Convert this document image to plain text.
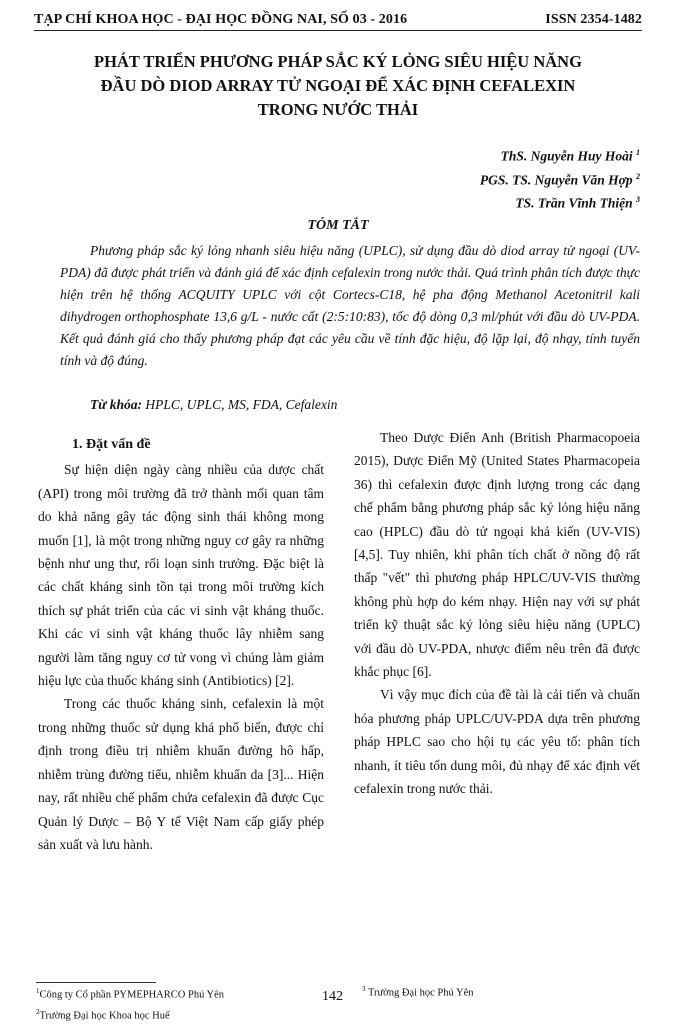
TẠP CHÍ KHOA HỌC - ĐẠI HỌC ĐỒNG NAI, SỐ 03 - 2016	ISSN 2354-1482
PHÁT TRIỂN PHƯƠNG PHÁP SẮC KÝ LỎNG SIÊU HIỆU NĂNG
ĐẦU DÒ DIOD ARRAY TỬ NGOẠI ĐỂ XÁC ĐỊNH CEFALEXIN
TRONG NƯỚC THẢI
ThS. Nguyễn Huy Hoài $^1$
PGS. TS. Nguyễn Văn Hợp $^2$
TS. Trần Vĩnh Thiện $^3$
TÓM TẮT
Phương pháp sắc ký lỏng nhanh siêu hiệu năng (UPLC), sử dụng đầu dò diod array tử ngoại (UV-PDA) đã được phát triển và đánh giá để xác định cefalexin trong nước thải. Quá trình phân tích được thực hiện trên hệ thống ACQUITY UPLC với cột Cortecs-C18, hệ pha động Methanol Acetonitril kali dihydrogen orthophosphate 13,6 g/L - nước cất (2:5:10:83), tốc độ dòng 0,3 ml/phút với đầu dò UV-PDA. Kết quả đánh giá cho thấy phương pháp đạt các yêu cầu về tính đặc hiệu, độ lặp lại, độ nhạy, tính tuyến tính và độ đúng.
Từ khóa: HPLC, UPLC, MS, FDA, Cefalexin
1. Đặt vấn đề

Sự hiện diện ngày càng nhiều của dược chất (API) trong môi trường đã trở thành mối quan tâm do khả năng gây tác động sinh thái không mong muốn [1], là một trong những nguy cơ gây ra những bệnh như ung thư, rối loạn sinh trưởng. Đặc biệt là các chất kháng sinh tồn tại trong môi trường kích thích sự phát triển của các vi sinh vật kháng thuốc. Khi các vi sinh vật kháng thuốc lây nhiễm sang người làm tăng nguy cơ tử vong vì chúng làm giảm hiệu lực của thuốc kháng sinh (Antibiotics) [2].

Trong các thuốc kháng sinh, cefalexin là một trong những thuốc sử dụng khá phổ biến, được chỉ định trong điều trị nhiễm khuẩn đường hô hấp, nhiễm trùng đường tiểu, nhiễm khuẩn da [3]... Hiện nay, rất nhiều chế phẩm chứa cefalexin đã được Cục Quản lý Dược – Bộ Y tế Việt Nam cấp giấy phép sản xuất và lưu hành.

Theo Dược Điển Anh (British Pharmacopoeia 2015), Dược Điển Mỹ (United States Pharmacopeia 36) thì cefalexin được định lượng trong các dạng chế phẩm bằng phương pháp sắc ký lỏng hiệu năng cao (HPLC) đầu dò tử ngoại khả kiến (UV-VIS) [4,5]. Tuy nhiên, khi phân tích chất ở nồng độ rất thấp "vết" thì phương pháp HPLC/UV-VIS thường không phù hợp do kém nhạy. Hiện nay với sự phát triển kỹ thuật sắc ký lỏng siêu hiệu năng (UPLC) với đầu dò UV-PDA, nhược điểm nêu trên đã được khắc phục [6].

Vì vậy mục đích của đề tài là cải tiến và chuẩn hóa phương pháp UPLC/UV-PDA dựa trên phương pháp HPLC sao cho hội tụ các yêu tố: phân tích nhanh, ít tiêu tốn dung môi, đủ nhạy để xác định vết cefalexin trong nước thải.

$^1$Công ty Cổ phần PYMEPHARCO Phú Yên
$^2$Trường Đại học Khoa học Huế
142	$^3$ Trường Đại học Phú Yên
